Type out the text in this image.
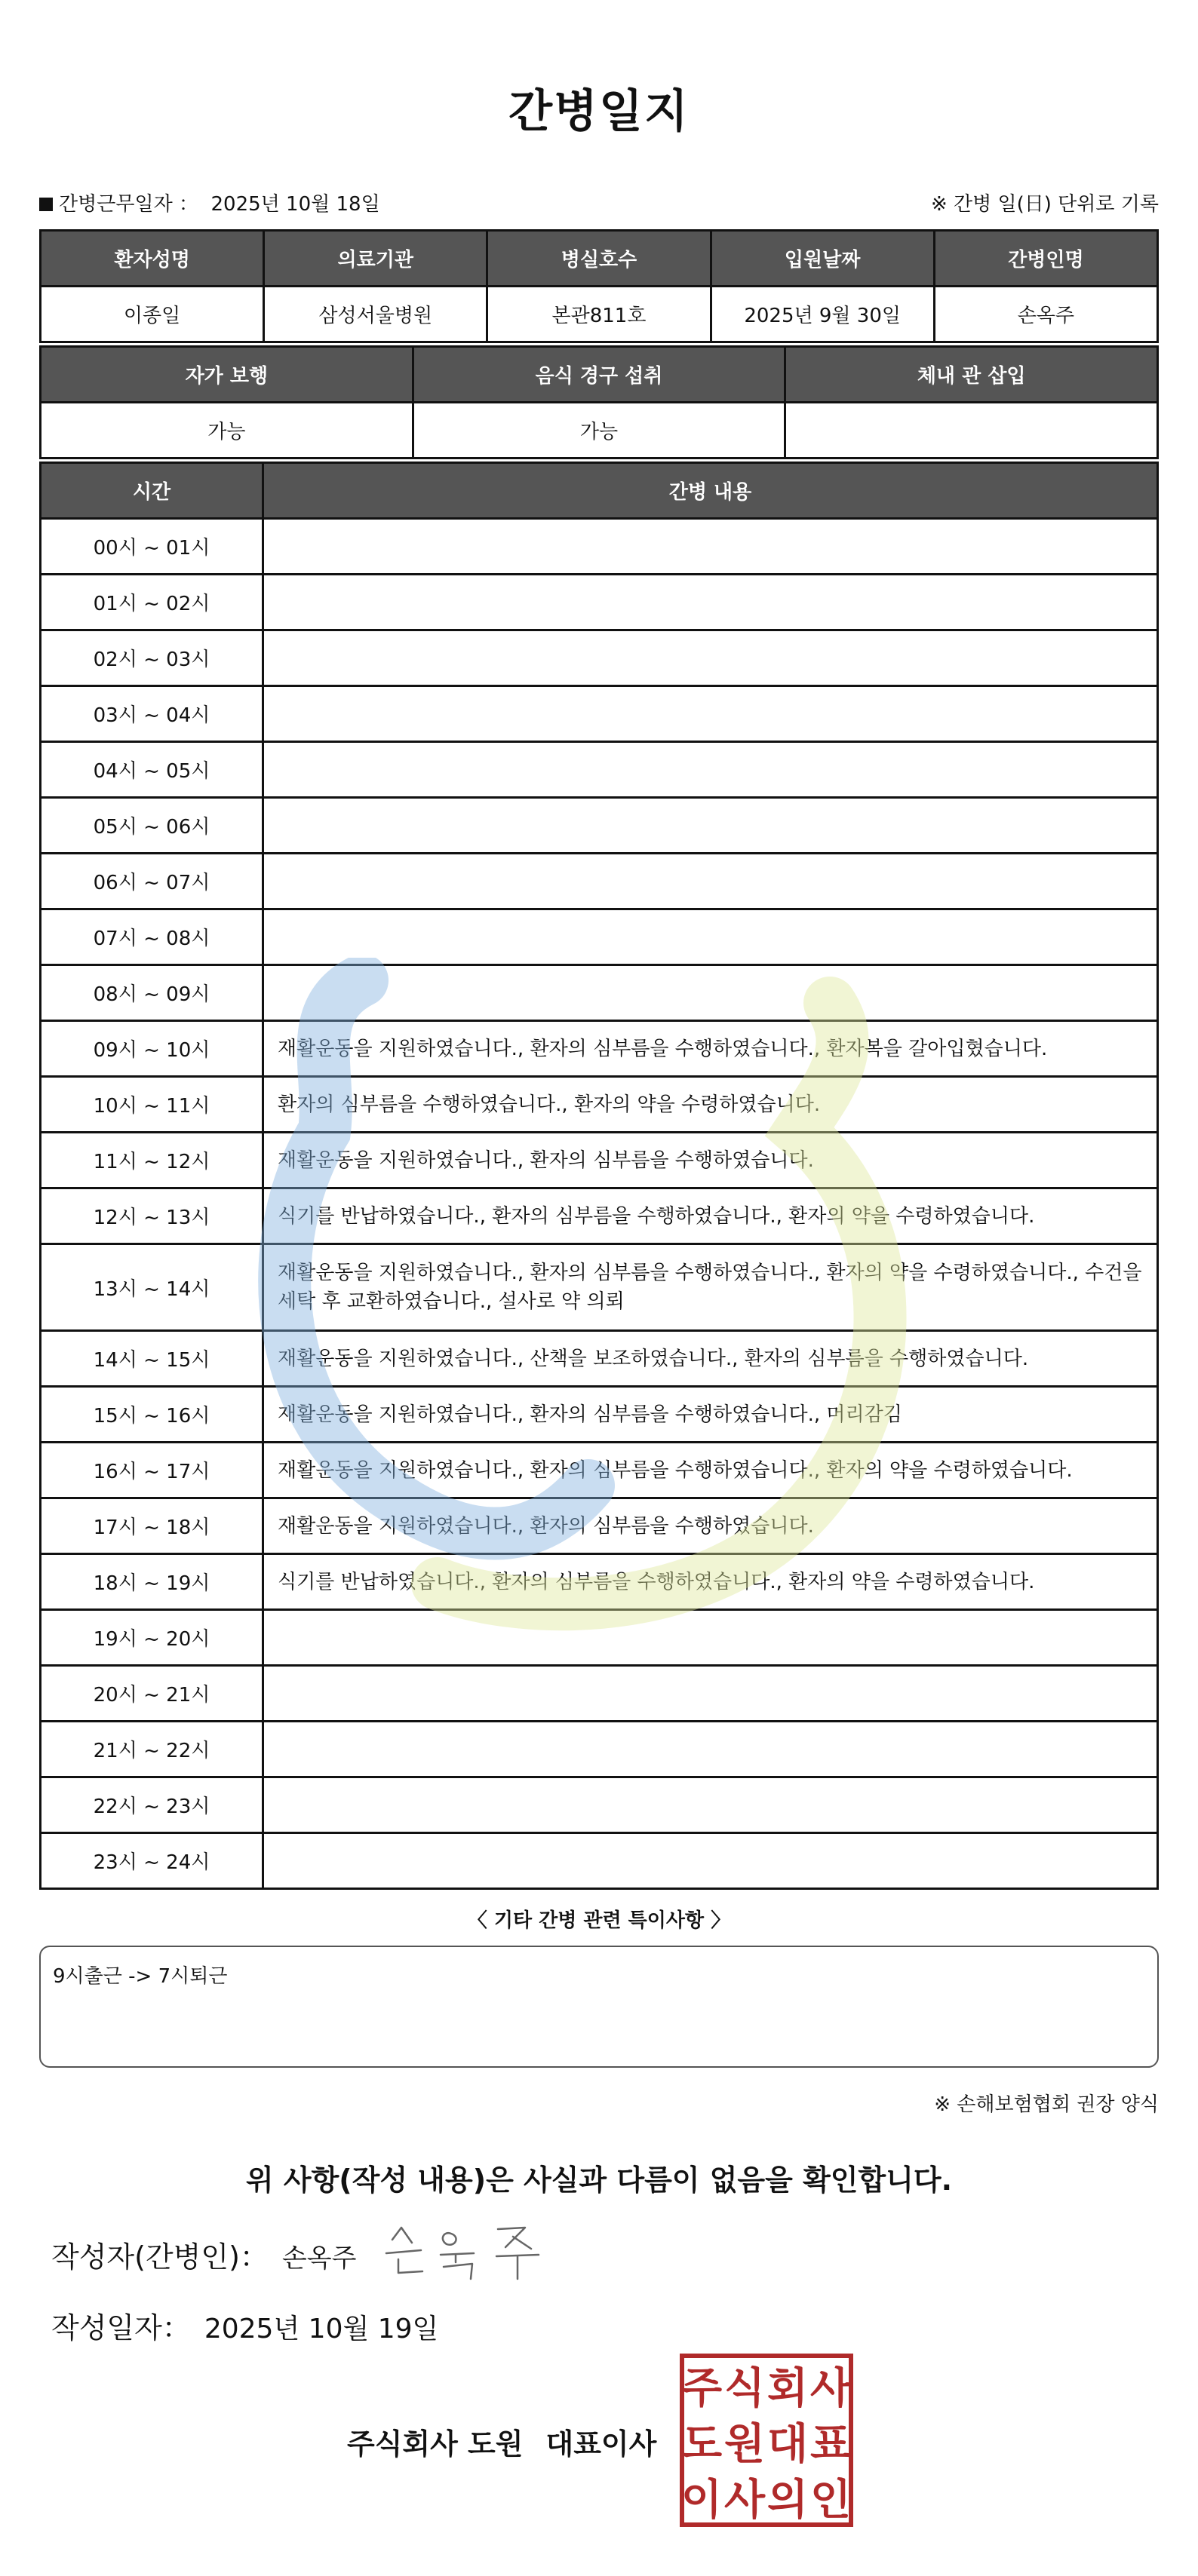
간병일지
간병근무일자 ： 2025년 10월 18일	※ 간병 일(日) 단위로 기록
환자성명	의료기관	병실호수	입원날짜	간병인명
이종일	삼성서울병원	본관811호	2025년 9월 30일	손옥주
자가 보행	음식 경구 섭취	체내 관 삽입
가능	가능	
시간	간병 내용
00시 ~ 01시	
01시 ~ 02시	
02시 ~ 03시	
03시 ~ 04시	
04시 ~ 05시	
05시 ~ 06시	
06시 ~ 07시	
07시 ~ 08시	
08시 ~ 09시	
09시 ~ 10시	재활운동을 지원하였습니다., 환자의 심부름을 수행하였습니다., 환자복을 갈아입혔습니다.
10시 ~ 11시	환자의 심부름을 수행하였습니다., 환자의 약을 수령하였습니다.
11시 ~ 12시	재활운동을 지원하였습니다., 환자의 심부름을 수행하였습니다.
12시 ~ 13시	식기를 반납하였습니다., 환자의 심부름을 수행하였습니다., 환자의 약을 수령하였습니다.
13시 ~ 14시	재활운동을 지원하였습니다., 환자의 심부름을 수행하였습니다., 환자의 약을 수령하였습니다., 수건을 세탁 후 교환하였습니다., 설사로 약 의뢰
14시 ~ 15시	재활운동을 지원하였습니다., 산책을 보조하였습니다., 환자의 심부름을 수행하였습니다.
15시 ~ 16시	재활운동을 지원하였습니다., 환자의 심부름을 수행하였습니다., 머리감김
16시 ~ 17시	재활운동을 지원하였습니다., 환자의 심부름을 수행하였습니다., 환자의 약을 수령하였습니다.
17시 ~ 18시	재활운동을 지원하였습니다., 환자의 심부름을 수행하였습니다.
18시 ~ 19시	식기를 반납하였습니다., 환자의 심부름을 수행하였습니다., 환자의 약을 수령하였습니다.
19시 ~ 20시	
20시 ~ 21시	
21시 ~ 22시	
22시 ~ 23시	
23시 ~ 24시	
〈 기타 간병 관련 특이사항 〉
9시출근 -> 7시퇴근
※ 손해보험협회 권장 양식
위 사항(작성 내용)은 사실과 다름이 없음을 확인합니다.
작성자(간병인)： 손옥주
작성일자： 2025년 10월 19일
주식회사 도원 대표이사
주 식 회 사
도 원 대 표
이 사 의 인
